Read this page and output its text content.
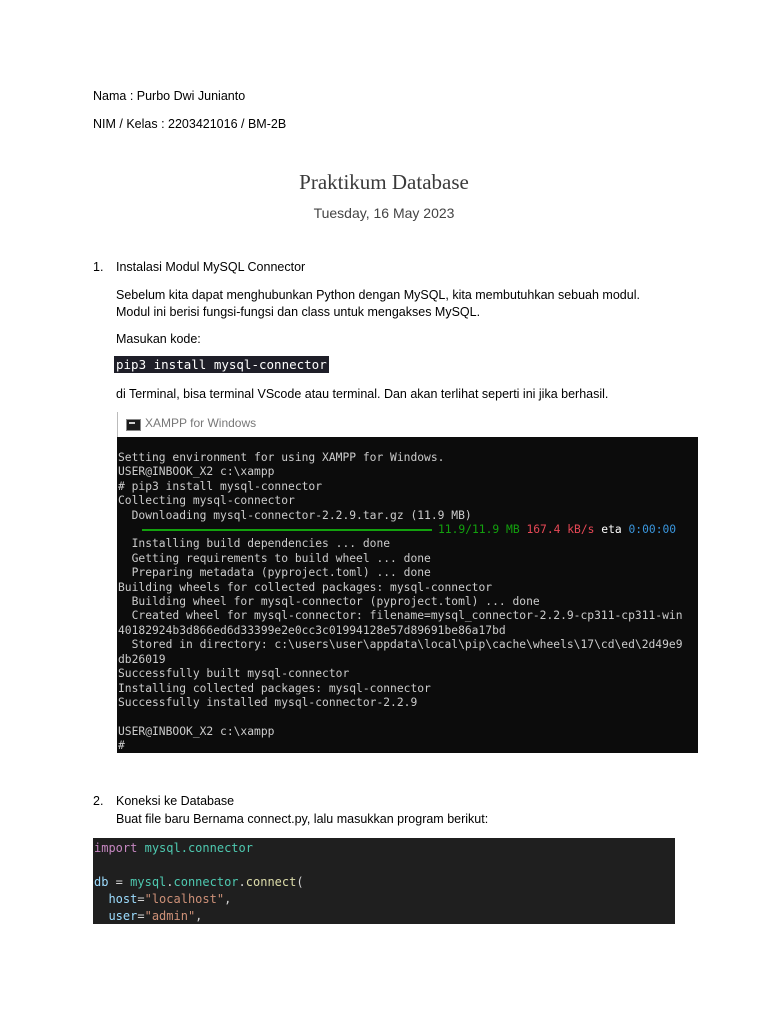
Nama : Purbo Dwi Junianto
NIM / Kelas : 2203421016 / BM-2B
Praktikum Database
Tuesday, 16 May 2023
1. Instalasi Modul MySQL Connector
Sebelum kita dapat menghubunkan Python dengan MySQL, kita membutuhkan sebuah modul.
Modul ini berisi fungsi-fungsi dan class untuk mengakses MySQL.
Masukan kode:
pip3 install mysql-connector
di Terminal, bisa terminal VScode atau terminal. Dan akan terlihat seperti ini jika berhasil.
XAMPP for Windows
Setting environment for using XAMPP for Windows.
USER@INBOOK_X2 c:\xampp
# pip3 install mysql-connector
Collecting mysql-connector
Downloading mysql-connector-2.2.9.tar.gz (11.9 MB)
11.9/11.9 MB 167.4 kB/s eta 0:00:00
Installing build dependencies ... done
Getting requirements to build wheel ... done
Preparing metadata (pyproject.toml) ... done
Building wheels for collected packages: mysql-connector
Building wheel for mysql-connector (pyproject.toml) ... done
Created wheel for mysql-connector: filename=mysql_connector-2.2.9-cp311-cp311-win
40182924b3d866ed6d33399e2e0cc3c01994128e57d89691be86a17bd
Stored in directory: c:\users\user\appdata\local\pip\cache\wheels\17\cd\ed\2d49e9
db26019
Successfully built mysql-connector
Installing collected packages: mysql-connector
Successfully installed mysql-connector-2.2.9

USER@INBOOK_X2 c:\xampp
#
2. Koneksi ke Database
Buat file baru Bernama connect.py, lalu masukkan program berikut:
import mysql.connector

db = mysql.connector.connect(
host="localhost",
user="admin",
